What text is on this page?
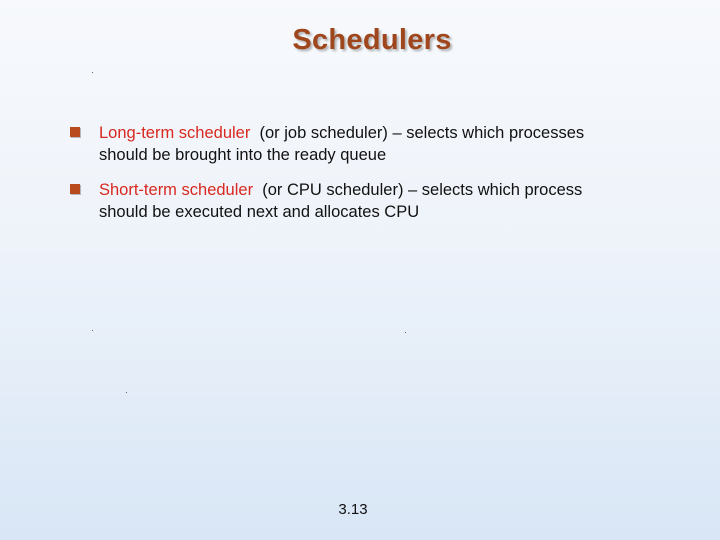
Schedulers
Long-term scheduler  (or job scheduler) – selects which processes should be brought into the ready queue
Short-term scheduler  (or CPU scheduler) – selects which process should be executed next and allocates CPU
3.13
